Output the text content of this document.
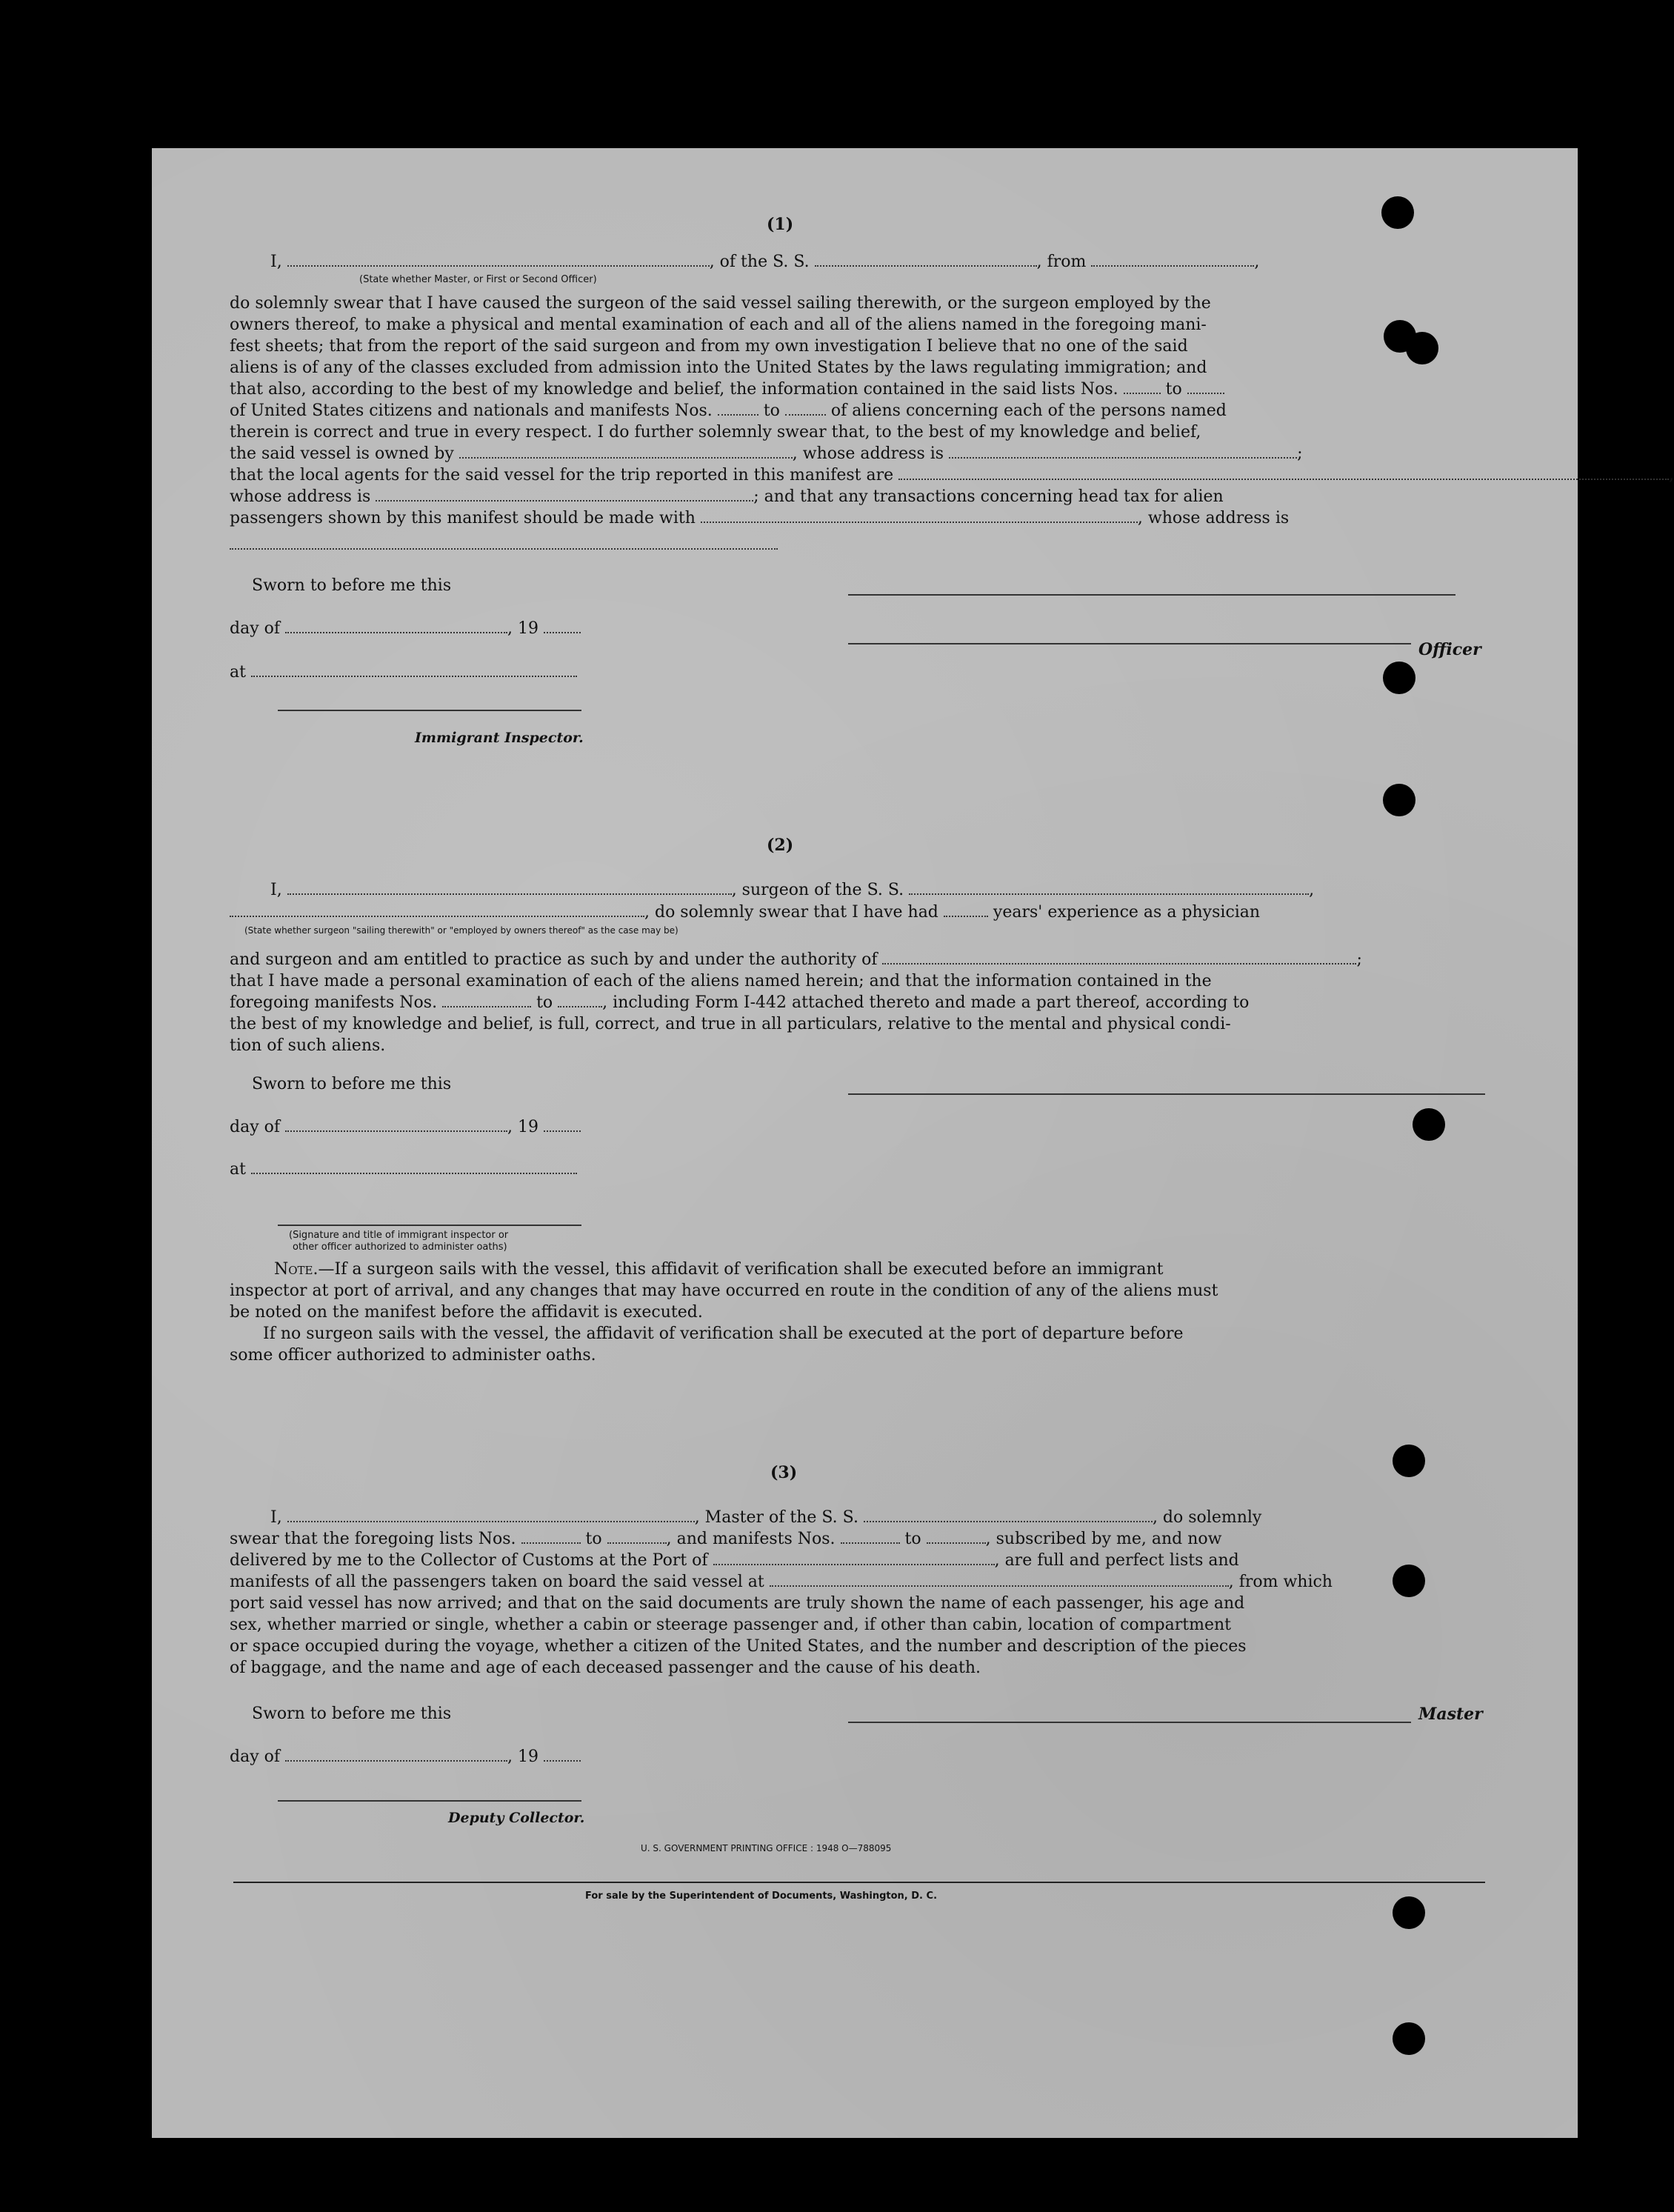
(1)
I,	, of the S. S.	, from	,
(State whether Master, or First or Second Officer)
do solemnly swear that I have caused the surgeon of the said vessel sailing therewith, or the surgeon employed by the
owners thereof, to make a physical and mental examination of each and all of the aliens named in the foregoing mani-
fest sheets; that from the report of the said surgeon and from my own investigation I believe that no one of the said
aliens is of any of the classes excluded from admission into the United States by the laws regulating immigration; and
that also, according to the best of my knowledge and belief, the information contained in the said lists Nos.	to
of United States citizens and nationals and manifests Nos.	to	of aliens concerning each of the persons named
therein is correct and true in every respect. I do further solemnly swear that, to the best of my knowledge and belief,
the said vessel is owned by	, whose address is	;
that the local agents for the said vessel for the trip reported in this manifest are	,
whose address is	; and that any transactions concerning head tax for alien
passengers shown by this manifest should be made with	, whose address is
Sworn to before me this
day of	, 19
Officer
at
Immigrant Inspector.
(2)
I,	, surgeon of the S. S.	,
, do solemnly swear that I have had	years' experience as a physician
(State whether surgeon "sailing therewith" or "employed by owners thereof" as the case may be)
and surgeon and am entitled to practice as such by and under the authority of	;
that I have made a personal examination of each of the aliens named herein; and that the information contained in the
foregoing manifests Nos.	to	, including Form I-442 attached thereto and made a part thereof, according to
the best of my knowledge and belief, is full, correct, and true in all particulars, relative to the mental and physical condi-
tion of such aliens.
Sworn to before me this
day of	, 19
at
(Signature and title of immigrant inspector or
other officer authorized to administer oaths)
Note.—If a surgeon sails with the vessel, this affidavit of verification shall be executed before an immigrant
inspector at port of arrival, and any changes that may have occurred en route in the condition of any of the aliens must
be noted on the manifest before the affidavit is executed.
If no surgeon sails with the vessel, the affidavit of verification shall be executed at the port of departure before
some officer authorized to administer oaths.
(3)
I,	, Master of the S. S.	, do solemnly
swear that the foregoing lists Nos.	to	, and manifests Nos.	to	, subscribed by me, and now
delivered by me to the Collector of Customs at the Port of	, are full and perfect lists and
manifests of all the passengers taken on board the said vessel at	, from which
port said vessel has now arrived; and that on the said documents are truly shown the name of each passenger, his age and
sex, whether married or single, whether a cabin or steerage passenger and, if other than cabin, location of compartment
or space occupied during the voyage, whether a citizen of the United States, and the number and description of the pieces
of baggage, and the name and age of each deceased passenger and the cause of his death.
Sworn to before me this	Master
day of	, 19
Deputy Collector.
U. S. GOVERNMENT PRINTING OFFICE : 1948 O—788095
For sale by the Superintendent of Documents, Washington, D. C.
